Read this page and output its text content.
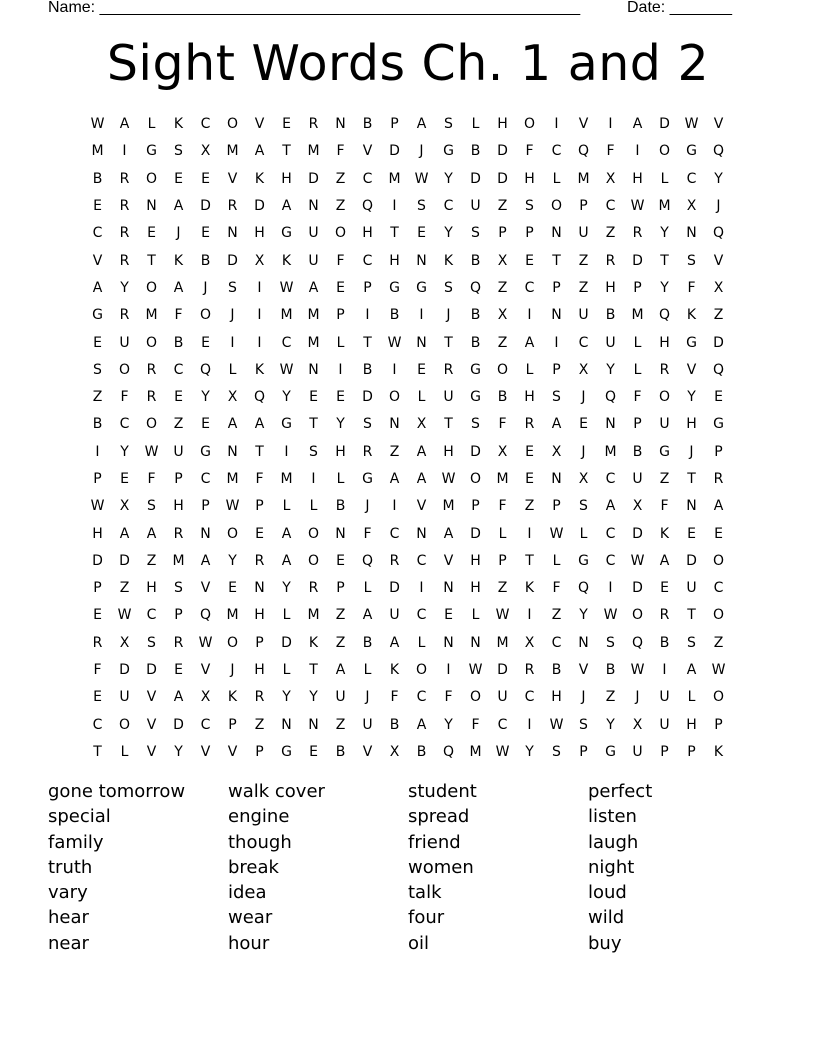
Name: ______________________________________________________	Date: _______
Sight Words Ch. 1 and 2
W	A	L	K	C	O	V	E	R	N	B	P	A	S	L	H	O	I	V	I	A	D	W	V
M	I	G	S	X	M	A	T	M	F	V	D	J	G	B	D	F	C	Q	F	I	O	G	Q
B	R	O	E	E	V	K	H	D	Z	C	M	W	Y	D	D	H	L	M	X	H	L	C	Y
E	R	N	A	D	R	D	A	N	Z	Q	I	S	C	U	Z	S	O	P	C	W	M	X	J
C	R	E	J	E	N	H	G	U	O	H	T	E	Y	S	P	P	N	U	Z	R	Y	N	Q
V	R	T	K	B	D	X	K	U	F	C	H	N	K	B	X	E	T	Z	R	D	T	S	V
A	Y	O	A	J	S	I	W	A	E	P	G	G	S	Q	Z	C	P	Z	H	P	Y	F	X
G	R	M	F	O	J	I	M	M	P	I	B	I	J	B	X	I	N	U	B	M	Q	K	Z
E	U	O	B	E	I	I	C	M	L	T	W	N	T	B	Z	A	I	C	U	L	H	G	D
S	O	R	C	Q	L	K	W	N	I	B	I	E	R	G	O	L	P	X	Y	L	R	V	Q
Z	F	R	E	Y	X	Q	Y	E	E	D	O	L	U	G	B	H	S	J	Q	F	O	Y	E
B	C	O	Z	E	A	A	G	T	Y	S	N	X	T	S	F	R	A	E	N	P	U	H	G
I	Y	W	U	G	N	T	I	S	H	R	Z	A	H	D	X	E	X	J	M	B	G	J	P
P	E	F	P	C	M	F	M	I	L	G	A	A	W	O	M	E	N	X	C	U	Z	T	R
W	X	S	H	P	W	P	L	L	B	J	I	V	M	P	F	Z	P	S	A	X	F	N	A
H	A	A	R	N	O	E	A	O	N	F	C	N	A	D	L	I	W	L	C	D	K	E	E
D	D	Z	M	A	Y	R	A	O	E	Q	R	C	V	H	P	T	L	G	C	W	A	D	O
P	Z	H	S	V	E	N	Y	R	P	L	D	I	N	H	Z	K	F	Q	I	D	E	U	C
E	W	C	P	Q	M	H	L	M	Z	A	U	C	E	L	W	I	Z	Y	W	O	R	T	O
R	X	S	R	W	O	P	D	K	Z	B	A	L	N	N	M	X	C	N	S	Q	B	S	Z
F	D	D	E	V	J	H	L	T	A	L	K	O	I	W	D	R	B	V	B	W	I	A	W
E	U	V	A	X	K	R	Y	Y	U	J	F	C	F	O	U	C	H	J	Z	J	U	L	O
C	O	V	D	C	P	Z	N	N	Z	U	B	A	Y	F	C	I	W	S	Y	X	U	H	P
T	L	V	Y	V	V	P	G	E	B	V	X	B	Q	M	W	Y	S	P	G	U	P	P	K
gone tomorrow	walk cover	student	perfect
special	engine	spread	listen
family	though	friend	laugh
truth	break	women	night
vary	idea	talk	loud
hear	wear	four	wild
near	hour	oil	buy
